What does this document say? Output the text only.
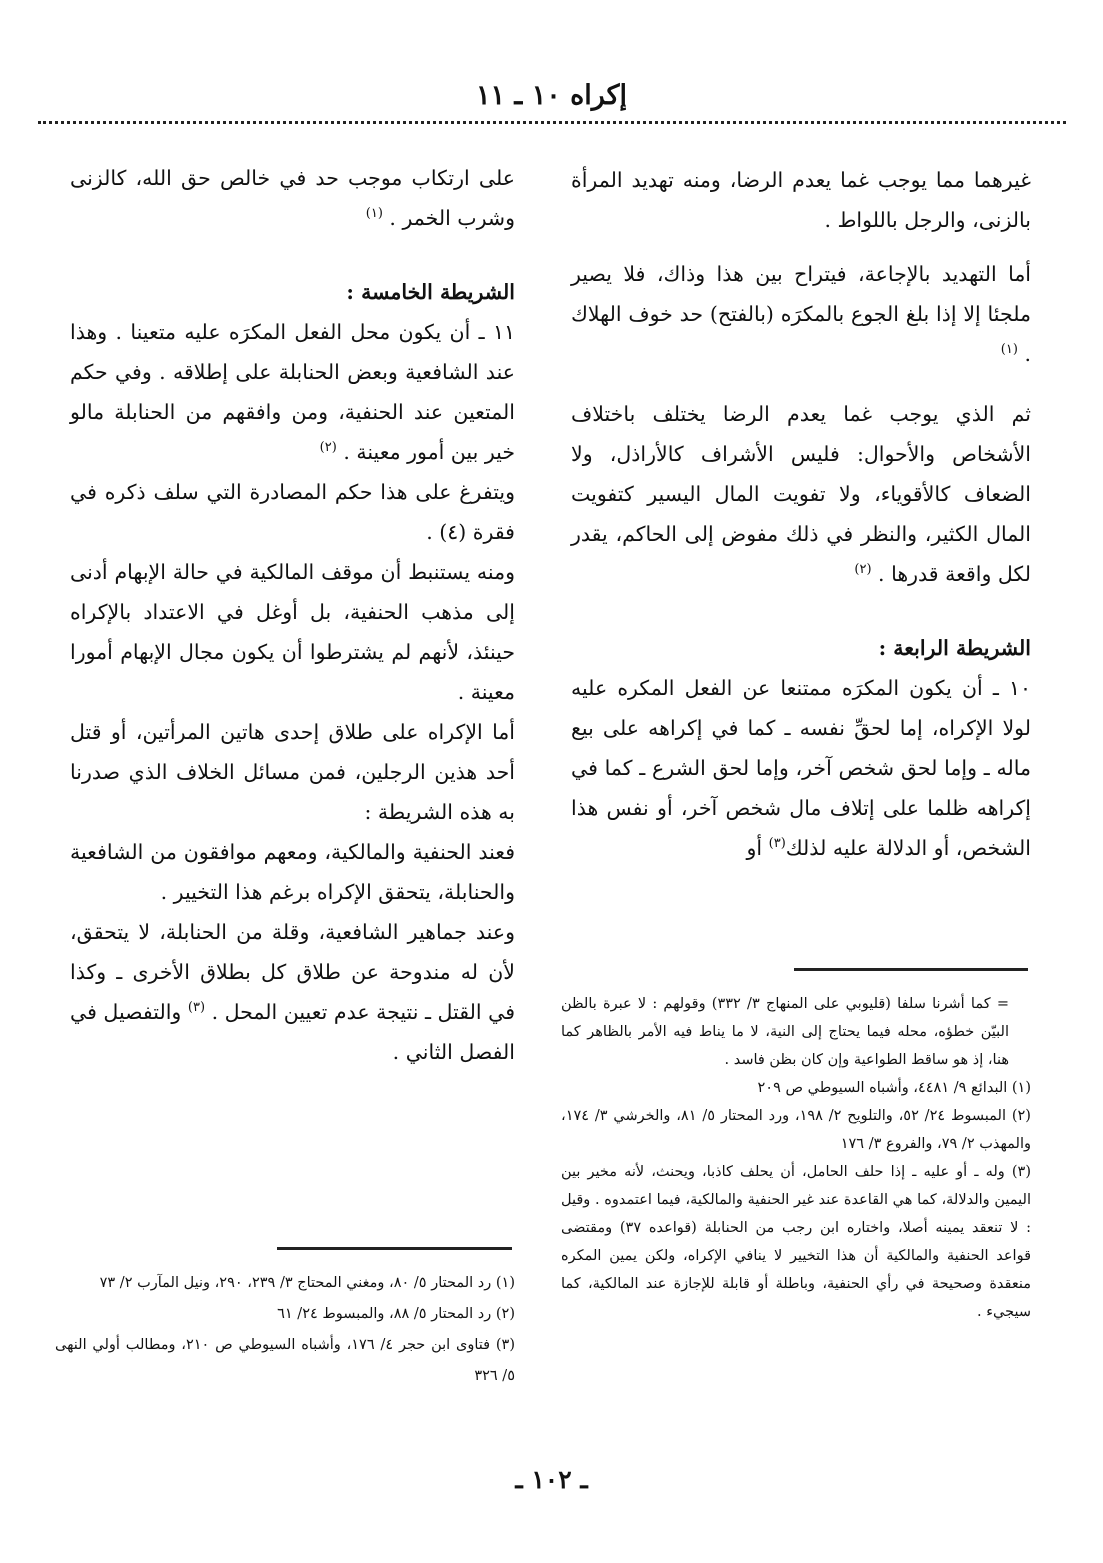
إكراه ١٠ ـ ١١

غيرهما مما يوجب غما يعدم الرضا، ومنه تهديد المرأة بالزنى، والرجل باللواط .

أما التهديد بالإجاعة، فيتراح بين هذا وذاك، فلا يصير ملجئا إلا إذا بلغ الجوع بالمكرَه (بالفتح) حد خوف الهلاك . $^{(١)}$

ثم الذي يوجب غما يعدم الرضا يختلف باختلاف الأشخاص والأحوال: فليس الأشراف كالأراذل، ولا الضعاف كالأقوياء، ولا تفويت المال اليسير كتفويت المال الكثير، والنظر في ذلك مفوض إلى الحاكم، يقدر لكل واقعة قدرها . $^{(٢)}$

الشريطة الرابعة :

١٠ ـ أن يكون المكرَه ممتنعا عن الفعل المكره عليه لولا الإكراه، إما لحقِّ نفسه ـ كما في إكراهه على بيع ماله ـ وإما لحق شخص آخر، وإما لحق الشرع ـ كما في إكراهه ظلما على إتلاف مال شخص آخر، أو نفس هذا الشخص، أو الدلالة عليه لذلك$^{(٣)}$ أو

على ارتكاب موجب حد في خالص حق الله، كالزنى وشرب الخمر . $^{(١)}$

الشريطة الخامسة :

١١ ـ أن يكون محل الفعل المكرَه عليه متعينا . وهذا عند الشافعية وبعض الحنابلة على إطلاقه . وفي حكم المتعين عند الحنفية، ومن وافقهم من الحنابلة مالو خير بين أمور معينة . $^{(٢)}$

ويتفرغ على هذا حكم المصادرة التي سلف ذكره في فقرة (٤) .

ومنه يستنبط أن موقف المالكية في حالة الإبهام أدنى إلى مذهب الحنفية، بل أوغل في الاعتداد بالإكراه حينئذ، لأنهم لم يشترطوا أن يكون مجال الإبهام أمورا معينة .

أما الإكراه على طلاق إحدى هاتين المرأتين، أو قتل أحد هذين الرجلين، فمن مسائل الخلاف الذي صدرنا به هذه الشريطة :

فعند الحنفية والمالكية، ومعهم موافقون من الشافعية والحنابلة، يتحقق الإكراه برغم هذا التخيير .

وعند جماهير الشافعية، وقلة من الحنابلة، لا يتحقق، لأن له مندوحة عن طلاق كل بطلاق الأخرى ـ وكذا في القتل ـ نتيجة عدم تعيين المحل . $^{(٣)}$ والتفصيل في الفصل الثاني .

= كما أشرنا سلفا (قليوبي على المنهاج ٣/ ٣٣٢) وقولهم : لا عبرة بالظن البيّن خطؤه، محله فيما يحتاج إلى النية، لا ما يناط فيه الأمر بالظاهر كما هنا، إذ هو ساقط الطواعية وإن كان بظن فاسد .

(١) البدائع ٩/ ٤٤٨١، وأشباه السيوطي ص ٢٠٩

(٢) المبسوط ٢٤/ ٥٢، والتلويح ٢/ ١٩٨، ورد المحتار ٥/ ٨١، والخرشي ٣/ ١٧٤، والمهذب ٢/ ٧٩، والفروع ٣/ ١٧٦

(٣) وله ـ أو عليه ـ إذا حلف الحامل، أن يحلف كاذبا، ويحنث، لأنه مخير بين اليمين والدلالة، كما هي القاعدة عند غير الحنفية والمالكية، فيما اعتمدوه . وقيل : لا تنعقد يمينه أصلا، واختاره ابن رجب من الحنابلة (قواعده ٣٧) ومقتضى قواعد الحنفية والمالكية أن هذا التخيير لا ينافي الإكراه، ولكن يمين المكره منعقدة وصحيحة في رأي الحنفية، وباطلة أو قابلة للإجازة عند المالكية، كما سيجيء .

(١) رد المحتار ٥/ ٨٠، ومغني المحتاج ٣/ ٢٣٩، ٢٩٠، ونيل المآرب ٢/ ٧٣

(٢) رد المحتار ٥/ ٨٨، والمبسوط ٢٤/ ٦١

(٣) فتاوى ابن حجر ٤/ ١٧٦، وأشباه السيوطي ص ٢١٠، ومطالب أولي النهى ٥/ ٣٢٦

ـ ١٠٢ ـ
